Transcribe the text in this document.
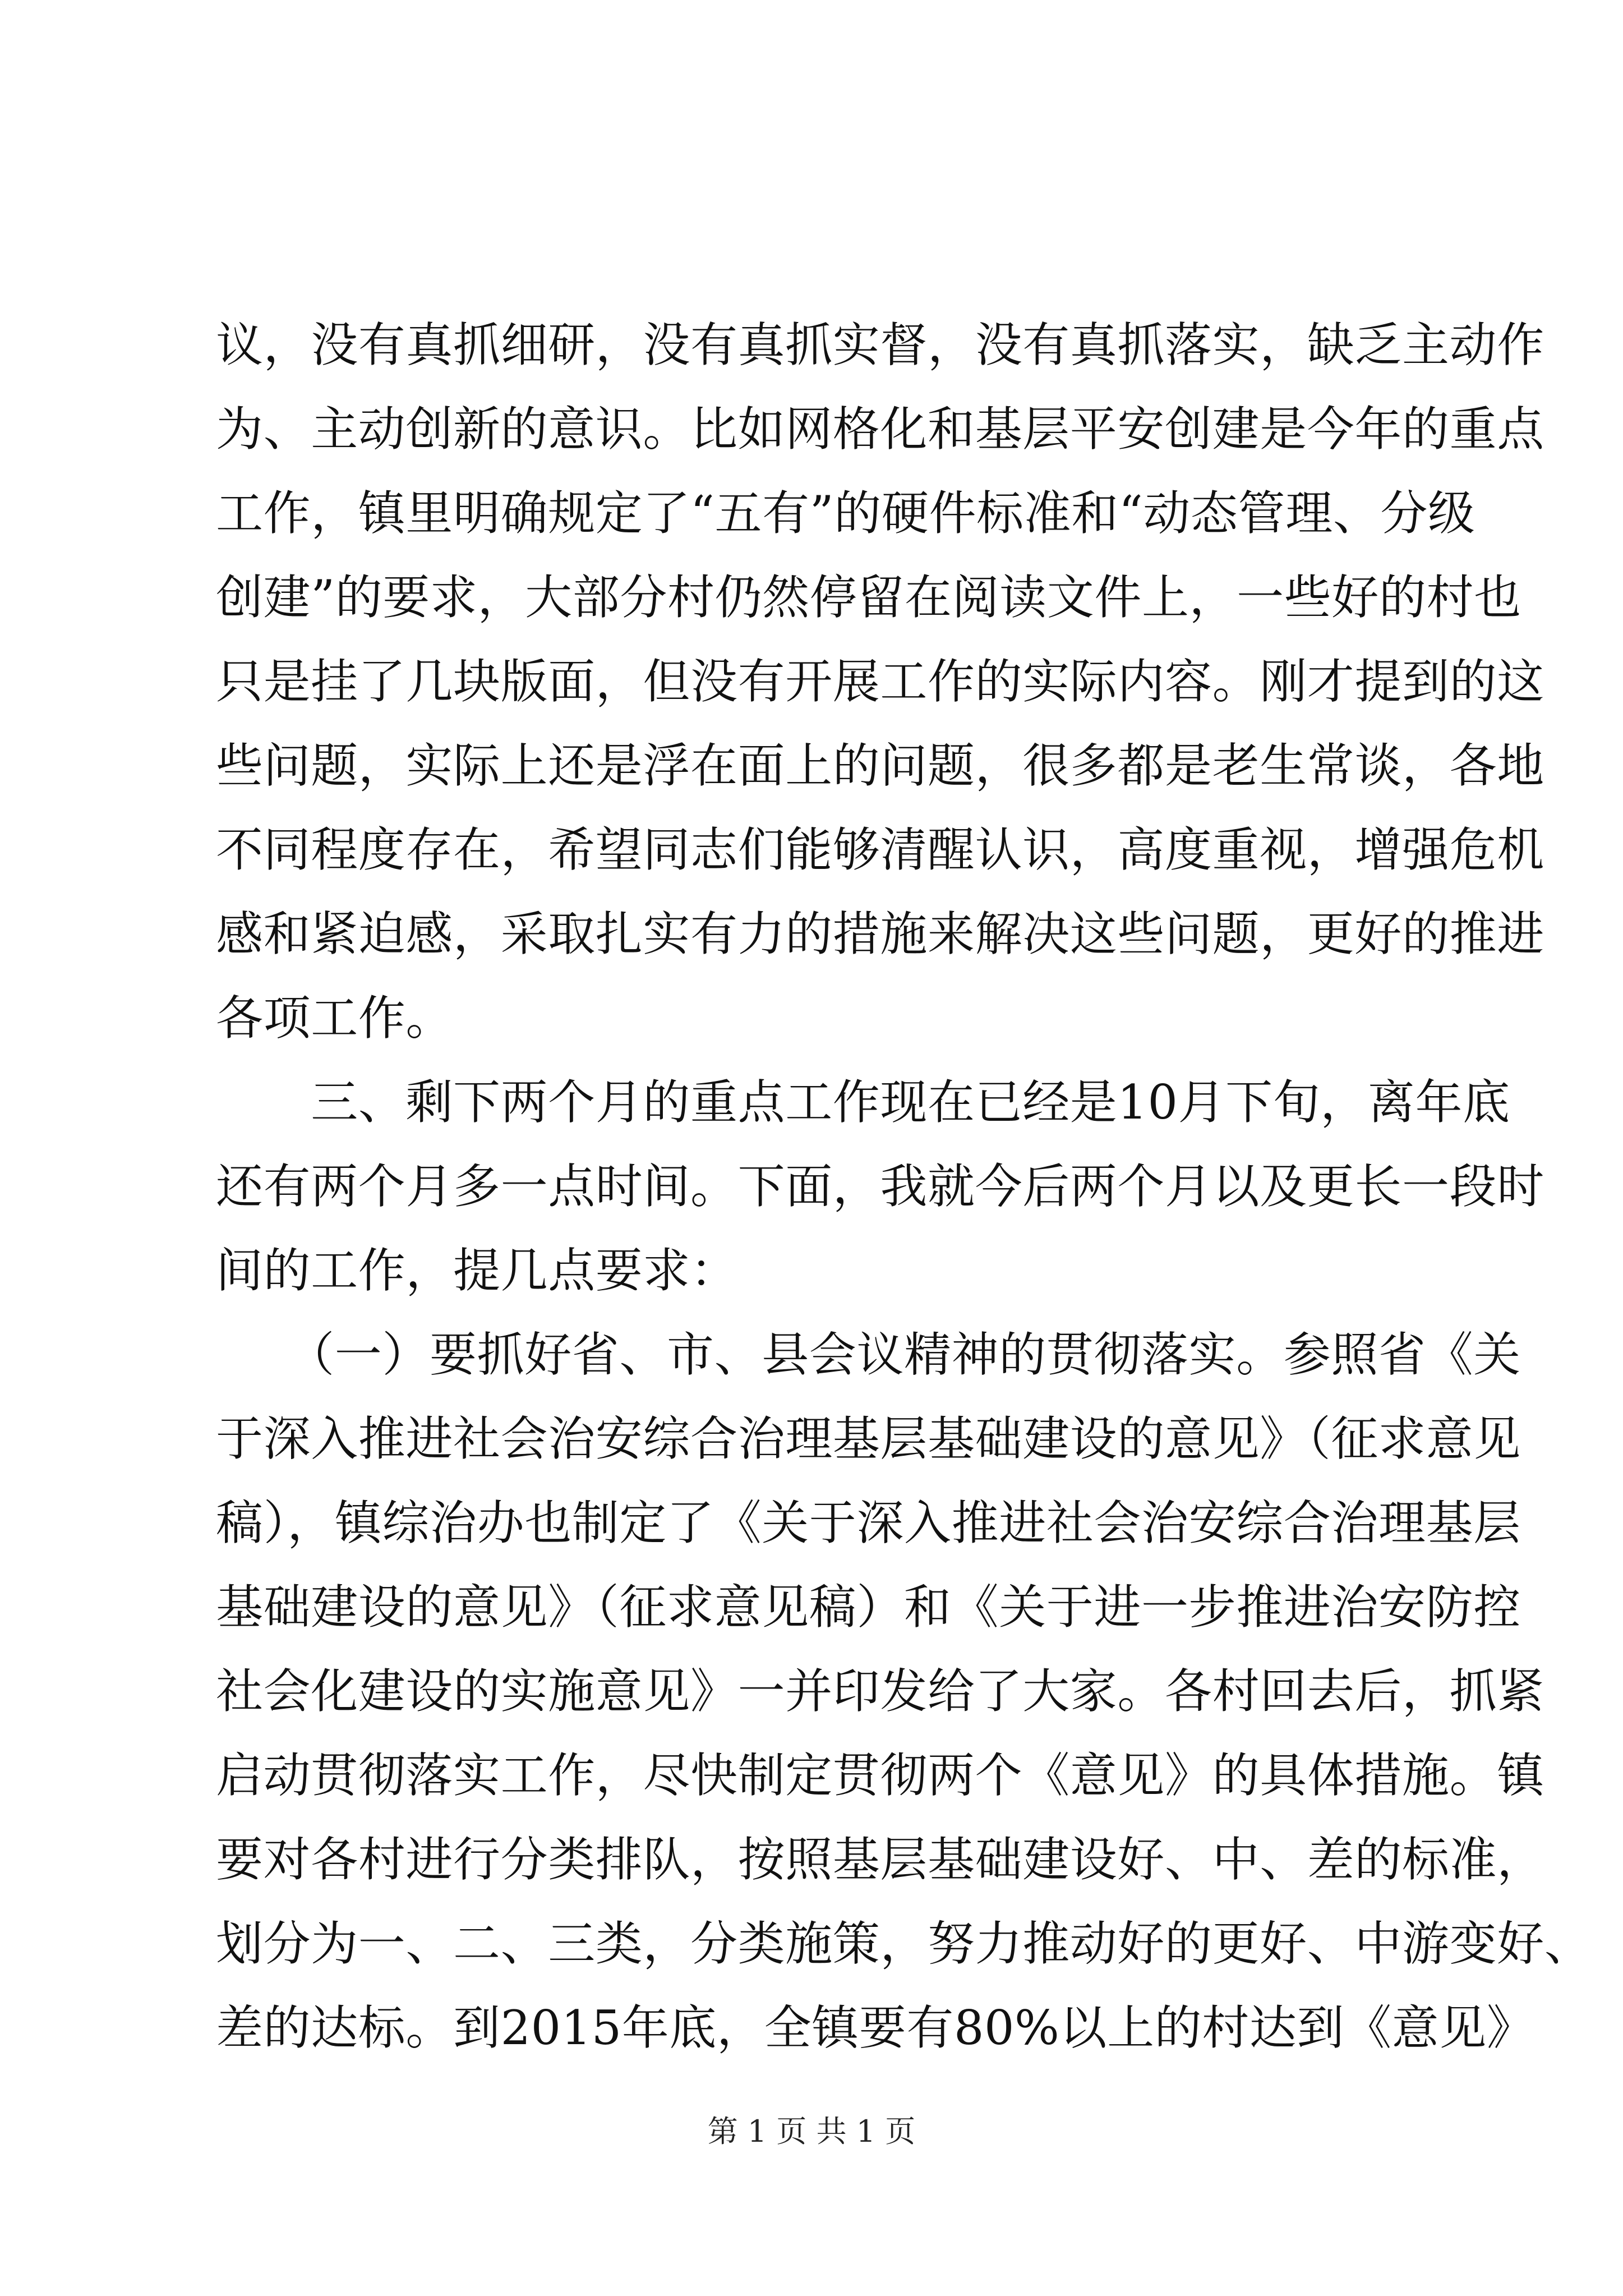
议，没有真抓细研，没有真抓实督，没有真抓落实，缺乏主动作
为、主动创新的意识。比如网格化和基层平安创建是今年的重点
工作，镇里明确规定了“五有”的硬件标准和“动态管理、分级
创建”的要求，大部分村仍然停留在阅读文件上，一些好的村也
只是挂了几块版面，但没有开展工作的实际内容。刚才提到的这
些问题，实际上还是浮在面上的问题，很多都是老生常谈，各地
不同程度存在，希望同志们能够清醒认识，高度重视，增强危机
感和紧迫感，采取扎实有力的措施来解决这些问题，更好的推进
各项工作。
　　三、剩下两个月的重点工作现在已经是10月下旬，离年底
还有两个月多一点时间。下面，我就今后两个月以及更长一段时
间的工作，提几点要求：
　　（一）要抓好省、市、县会议精神的贯彻落实。参照省《关
于深入推进社会治安综合治理基层基础建设的意见》（征求意见
稿），镇综治办也制定了《关于深入推进社会治安综合治理基层
基础建设的意见》（征求意见稿）和《关于进一步推进治安防控
社会化建设的实施意见》一并印发给了大家。各村回去后，抓紧
启动贯彻落实工作，尽快制定贯彻两个《意见》的具体措施。镇
要对各村进行分类排队，按照基层基础建设好、中、差的标准，
划分为一、二、三类，分类施策，努力推动好的更好、中游变好、
差的达标。到2015年底，全镇要有80%以上的村达到《意见》
第 1 页 共 1 页
